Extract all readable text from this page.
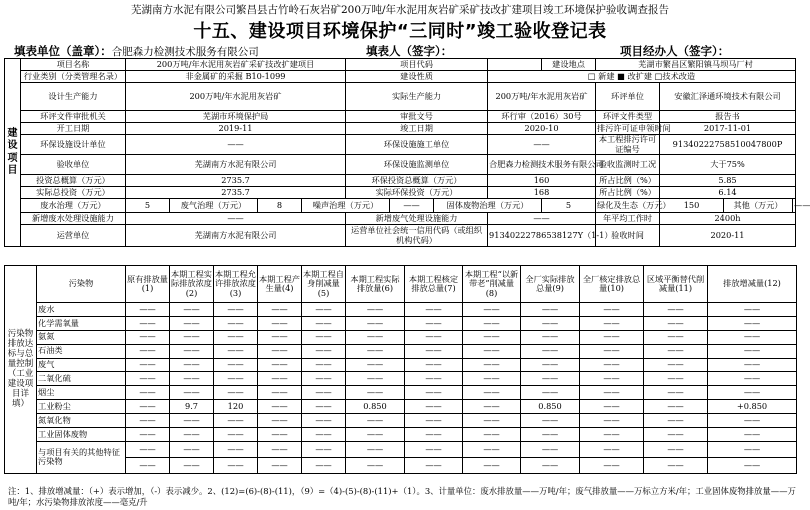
芜湖南方水泥有限公司繁昌县古竹岭石灰岩矿200万吨/年水泥用灰岩矿采矿技改扩建项目竣工环境保护验收调查报告
十五、建设项目环境保护“三同时”竣工验收登记表
填表单位（盖章）：合肥森力检测技术服务有限公司	填表人（签字）：	项目经办人（签字）：
建设项目	项目名称	200万吨/年水泥用灰岩矿采矿技改扩建项目				项目代码				建设地点	芜湖市繁昌区繁阳镇马坝马厂村			
	行业类别（分类管理名录）	非金属矿的采掘 B10-1099				建设性质			□ 新建 ■ 改扩建 □技术改造					
	设计生产能力	200万吨/年水泥用灰岩矿				实际生产能力			200万吨/年水泥用灰岩矿		环评单位	安徽汇泽通环境技术有限公司		
	环评文件审批机关	芜湖市环境保护局				审批文号			环行审（2016）30号		环评文件类型	报告书		
	开工日期	2019-11				竣工日期			2020-10		排污许可证申领时间	2017-11-01		
	环保设施设计单位	——				环保设施施工单位			——		本工程排污许可证编号	91340222758510047800P		
	验收单位	芜湖南方水泥有限公司				环保设施监测单位			合肥森力检测技术服务有限公司		验收监测时工况	大于75%		
	投资总概算（万元）	2735.7				环保投资总概算（万元）			160		所占比例（%）	5.85		
	实际总投资（万元）	2735.7				实际环保投资（万元）			168		所占比例（%）	6.14		
	废水治理（万元）	5	废气治理（万元）	8	噪声治理（万元）		——	固体废物治理（万元）		5	绿化及生态（万元）	150	其他（万元）	——
	新增废水处理设施能力	——				新增废气处理设施能力			——		年平均工作时	2400h		
	运营单位	芜湖南方水泥有限公司				运营单位社会统一信用代码（或组织机构代码）			913402227865381​27Y（1-1）		验收时间	2020-11		
污染物排放达标与总量控制（工业建设项目详填）	污染物	原有排放量(1)	本期工程实际排放浓度(2)	本期工程允许排放浓度(3)	本期工程产生量(4)	本期工程自身削减量(5)	本期工程实际排放量(6)	本期工程核定排放总量(7)	本期工程“以新带老”削减量(8)	全厂实际排放总量(9)	全厂核定排放总量(10)	区域平衡替代削减量(11)	排放增减量(12)
	废水	——	——	——	——	——	——	——	——	——	——	——	——
	化学需氧量	——	——	——	——	——	——	——	——	——	——	——	——
	氨氮	——	——	——	——	——	——	——	——	——	——	——	——
	石油类	——	——	——	——	——	——	——	——	——	——	——	——
	废气	——	——	——	——	——	——	——	——	——	——	——	——
	二氧化硫	——	——	——	——	——	——	——	——	——	——	——	——
	烟尘	——	——	——	——	——	——	——	——	——	——	——	——
	工业粉尘	——	9.7	120	——	——	0.850	——	——	0.850	——	——	+0.850
	氮氧化物	——	——	——	——	——	——	——	——	——	——	——	——
	工业固体废物	——	——	——	——	——	——	——	——	——	——	——	——
	与项目有关的其他特征污染物	——	——	——	——	——	——	——	——	——	——	——	——
		——	——	——	——	——	——	——	——	——	——	——	——
注：1、排放增减量：（+）表示增加，（-）表示减少。2、(12)=(6)-(8)-(11)，（9）=（4)-(5)-(8)-(11)+（1）。3、计量单位：废水排放量——万吨/年；废气排放量——万标立方米/年；工业固体废物排放量——万吨/年；水污染物排放浓度——毫克/升
